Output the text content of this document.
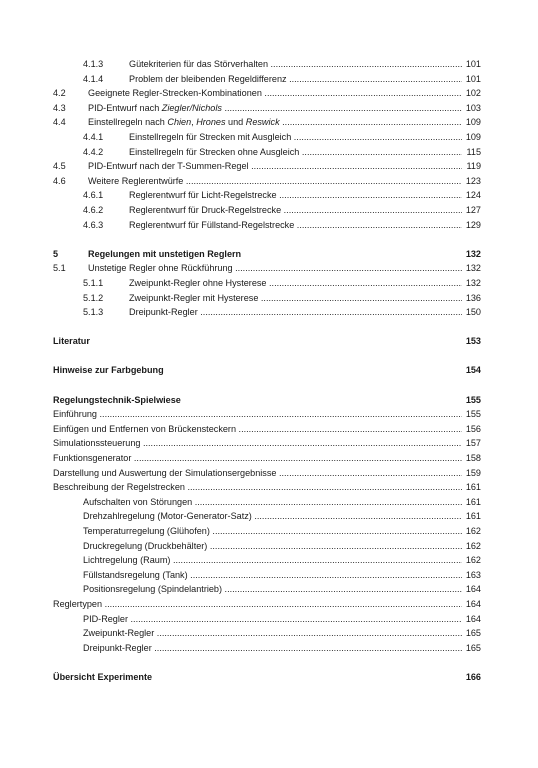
4.1.3	Gütekriterien für das Störverhalten .....	101
4.1.4	Problem der bleibenden Regeldifferenz .....	101
4.2 Geeignete Regler-Strecken-Kombinationen .....	102
4.3 PID-Entwurf nach Ziegler/Nichols .....	103
4.4 Einstellregeln nach Chien, Hrones und Reswick .....	109
4.4.1	Einstellregeln für Strecken mit Ausgleich .....	109
4.4.2	Einstellregeln für Strecken ohne Ausgleich .....	115
4.5 PID-Entwurf nach der T-Summen-Regel .....	119
4.6 Weitere Reglerentwürfe .....	123
4.6.1	Reglerentwurf für Licht-Regelstrecke .....	124
4.6.2	Reglerentwurf für Druck-Regelstrecke .....	127
4.6.3	Reglerentwurf für Füllstand-Regelstrecke .....	129
5	Regelungen mit unstetigen Reglern	132
5.1 Unstetige Regler ohne Rückführung .....	132
5.1.1	Zweipunkt-Regler ohne Hysterese .....	132
5.1.2	Zweipunkt-Regler mit Hysterese .....	136
5.1.3	Dreipunkt-Regler .....	150
Literatur	153
Hinweise zur Farbgebung	154
Regelungstechnik-Spielwiese	155
Einführung .....	155
Einfügen und Entfernen von Brückensteckern .....	156
Simulationssteuerung .....	157
Funktionsgenerator .....	158
Darstellung und Auswertung der Simulationsergebnisse .....	159
Beschreibung der Regelstrecken .....	161
Aufschalten von Störungen .....	161
Drehzahlregelung (Motor-Generator-Satz) .....	161
Temperaturregelung (Glühofen) .....	162
Druckregelung (Druckbehälter) .....	162
Lichtregelung (Raum) .....	162
Füllstandsregelung (Tank) .....	163
Positionsregelung (Spindelantrieb) .....	164
Reglertypen .....	164
PID-Regler .....	164
Zweipunkt-Regler .....	165
Dreipunkt-Regler .....	165
Übersicht Experimente	166
